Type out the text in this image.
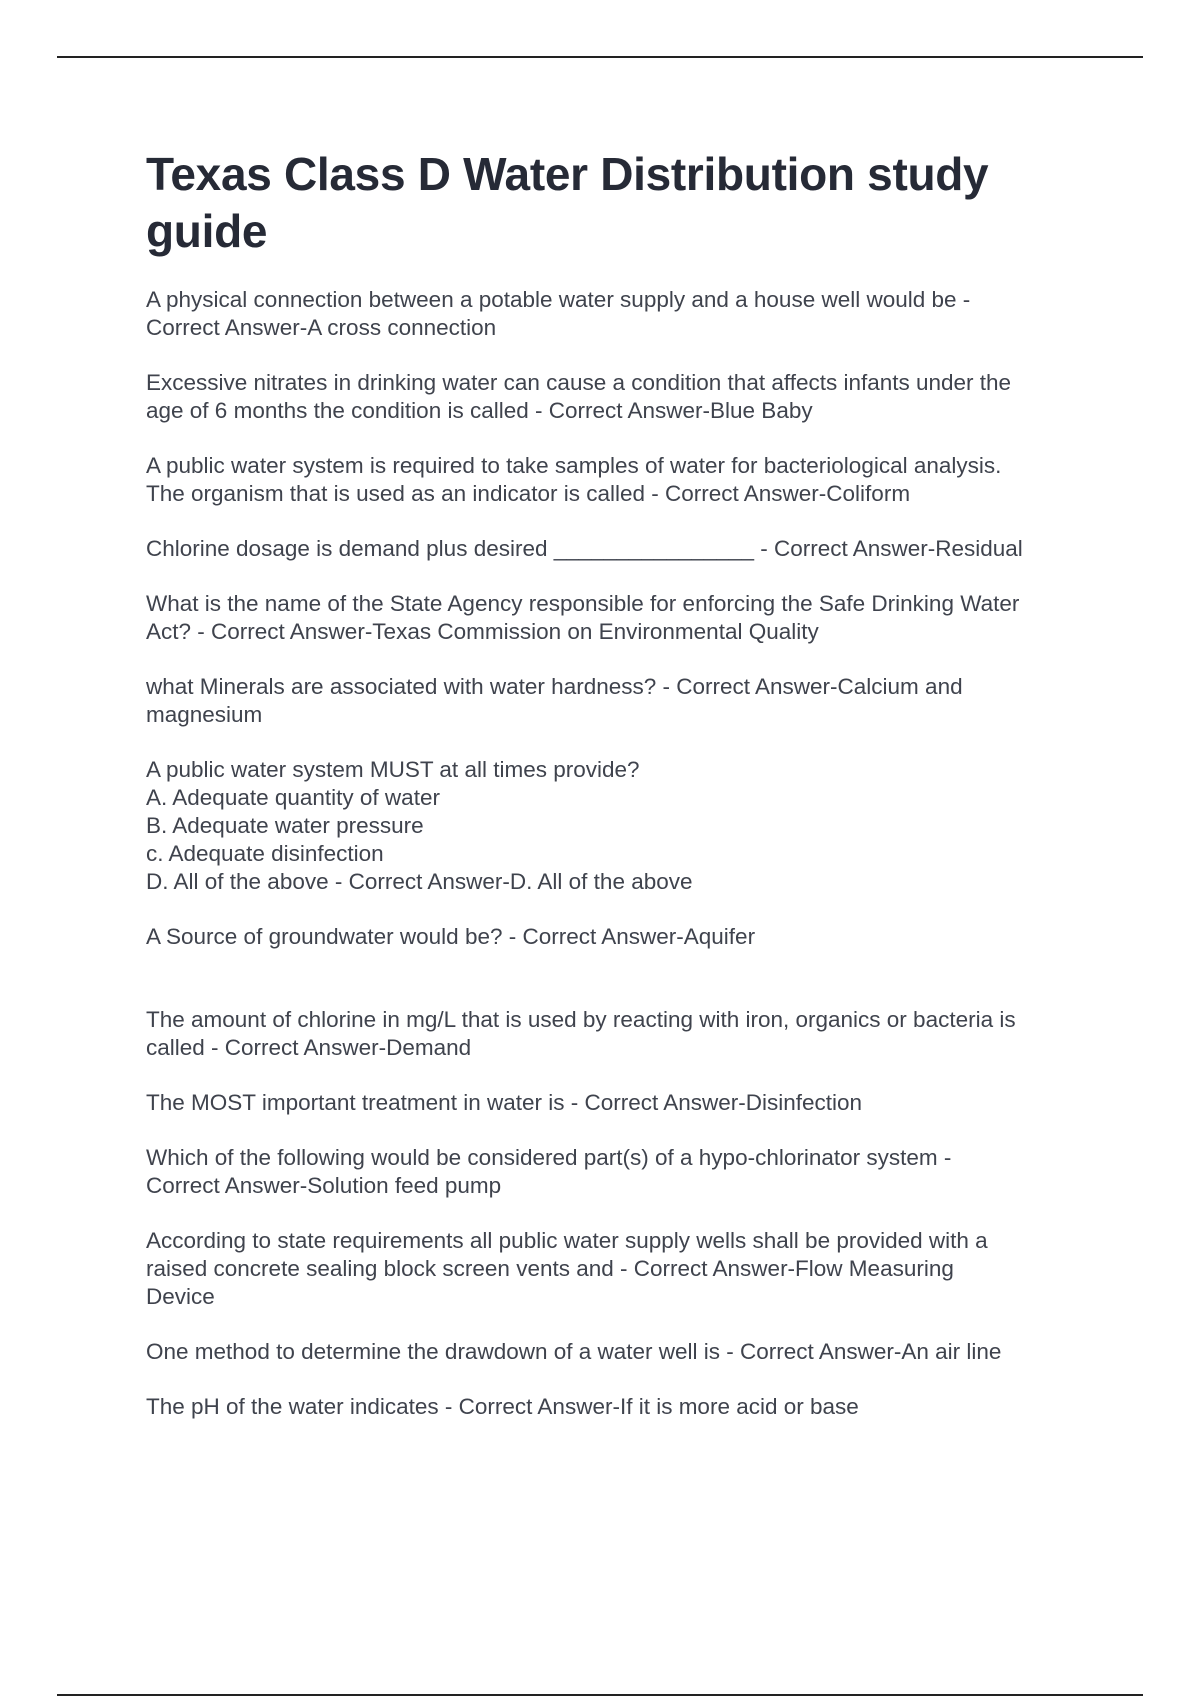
Texas Class D Water Distribution study guide
A physical connection between a potable water supply and a house well would be -
Correct Answer-A cross connection
Excessive nitrates in drinking water can cause a condition that affects infants under the
age of 6 months the condition is called - Correct Answer-Blue Baby
A public water system is required to take samples of water for bacteriological analysis.
The organism that is used as an indicator is called - Correct Answer-Coliform
Chlorine dosage is demand plus desired ________________ - Correct Answer-Residual
What is the name of the State Agency responsible for enforcing the Safe Drinking Water
Act? - Correct Answer-Texas Commission on Environmental Quality
what Minerals are associated with water hardness? - Correct Answer-Calcium and
magnesium
A public water system MUST at all times provide?
A. Adequate quantity of water
B. Adequate water pressure
c. Adequate disinfection
D. All of the above - Correct Answer-D. All of the above
A Source of groundwater would be? - Correct Answer-Aquifer
The amount of chlorine in mg/L that is used by reacting with iron, organics or bacteria is
called - Correct Answer-Demand
The MOST important treatment in water is - Correct Answer-Disinfection
Which of the following would be considered part(s) of a hypo-chlorinator system -
Correct Answer-Solution feed pump
According to state requirements all public water supply wells shall be provided with a
raised concrete sealing block screen vents and - Correct Answer-Flow Measuring
Device
One method to determine the drawdown of a water well is - Correct Answer-An air line
The pH of the water indicates - Correct Answer-If it is more acid or base
